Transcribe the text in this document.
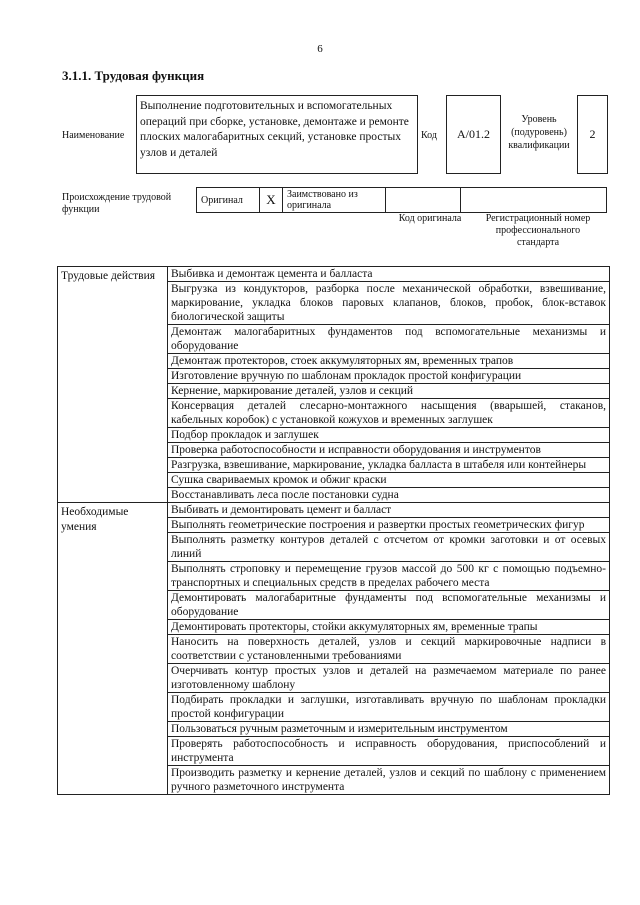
6
3.1.1. Трудовая функция
Наименование
Выполнение подготовительных и вспомогательных операций при сборке, установке, демонтаже и ремонте плоских малогабаритных секций, установке простых узлов и деталей
Код	A/01.2
Уровень (подуровень) квалификации
2
Происхождение трудовой функции
Оригинал	X	Заимствовано из оригинала
Код оригинала	Регистрационный номер профессионального стандарта
Трудовые действия	Выбивка и демонтаж цемента и балласта
	Выгрузка из кондукторов, разборка после механической обработки, взвешивание, маркирование, укладка блоков паровых клапанов, блоков, пробок, блок-вставок биологической защиты
	Демонтаж малогабаритных фундаментов под вспомогательные механизмы и оборудование
	Демонтаж протекторов, стоек аккумуляторных ям, временных трапов
	Изготовление вручную по шаблонам прокладок простой конфигурации
	Кернение, маркирование деталей, узлов и секций
	Консервация деталей слесарно-монтажного насыщения (вварышей, стаканов, кабельных коробок) с установкой кожухов и временных заглушек
	Подбор прокладок и заглушек
	Проверка работоспособности и исправности оборудования и инструментов
	Разгрузка, взвешивание, маркирование, укладка балласта в штабеля или контейнеры
	Сушка свариваемых кромок и обжиг краски
	Восстанавливать леса после постановки судна
Необходимые умения	Выбивать и демонтировать цемент и балласт
	Выполнять геометрические построения и развертки простых геометрических фигур
	Выполнять разметку контуров деталей с отсчетом от кромки заготовки и от осевых линий
	Выполнять строповку и перемещение грузов массой до 500 кг с помощью подъемно-транспортных и специальных средств в пределах рабочего места
	Демонтировать малогабаритные фундаменты под вспомогательные механизмы и оборудование
	Демонтировать протекторы, стойки аккумуляторных ям, временные трапы
	Наносить на поверхность деталей, узлов и секций маркировочные надписи в соответствии с установленными требованиями
	Очерчивать контур простых узлов и деталей на размечаемом материале по ранее изготовленному шаблону
	Подбирать прокладки и заглушки, изготавливать вручную по шаблонам прокладки простой конфигурации
	Пользоваться ручным разметочным и измерительным инструментом
	Проверять работоспособность и исправность оборудования, приспособлений и инструмента
	Производить разметку и кернение деталей, узлов и секций по шаблону с применением ручного разметочного инструмента
